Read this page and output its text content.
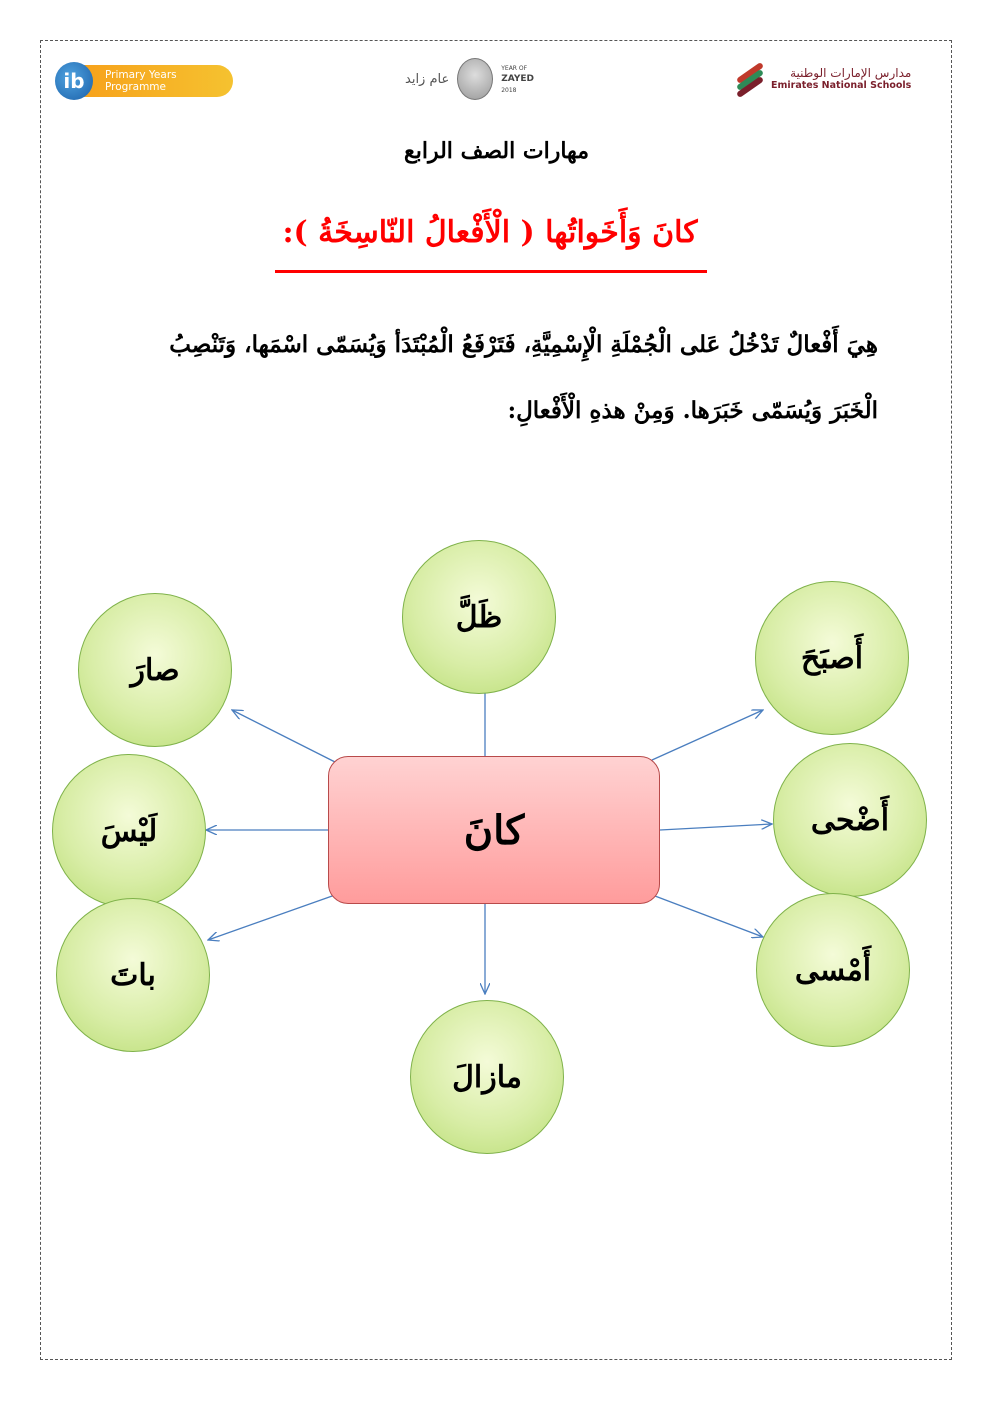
ib	Primary Years
Programme
عام زايد
YEAR OF
ZAYED
2018
مدارس الإمارات الوطنية
Emirates National Schools
مهارات الصف الرابع
كانَ وَأَخَواتُها ( الْأَفْعالُ النّاسِخَةُ ):
هِيَ أَفْعالٌ تَدْخُلُ عَلى الْجُمْلَةِ الْإِسْمِيَّةِ، فَتَرْفَعُ الْمُبْتَدَأ وَيُسَمّى اسْمَها، وَتَنْصِبُ الْخَبَرَ وَيُسَمّى خَبَرَها. وَمِنْ هذهِ الْأَفْعالِ:
كانَ
ظَلَّ
صارَ
لَيْسَ
باتَ
مازالَ
أَصبَحَ
أَضْحى
أَمْسى
